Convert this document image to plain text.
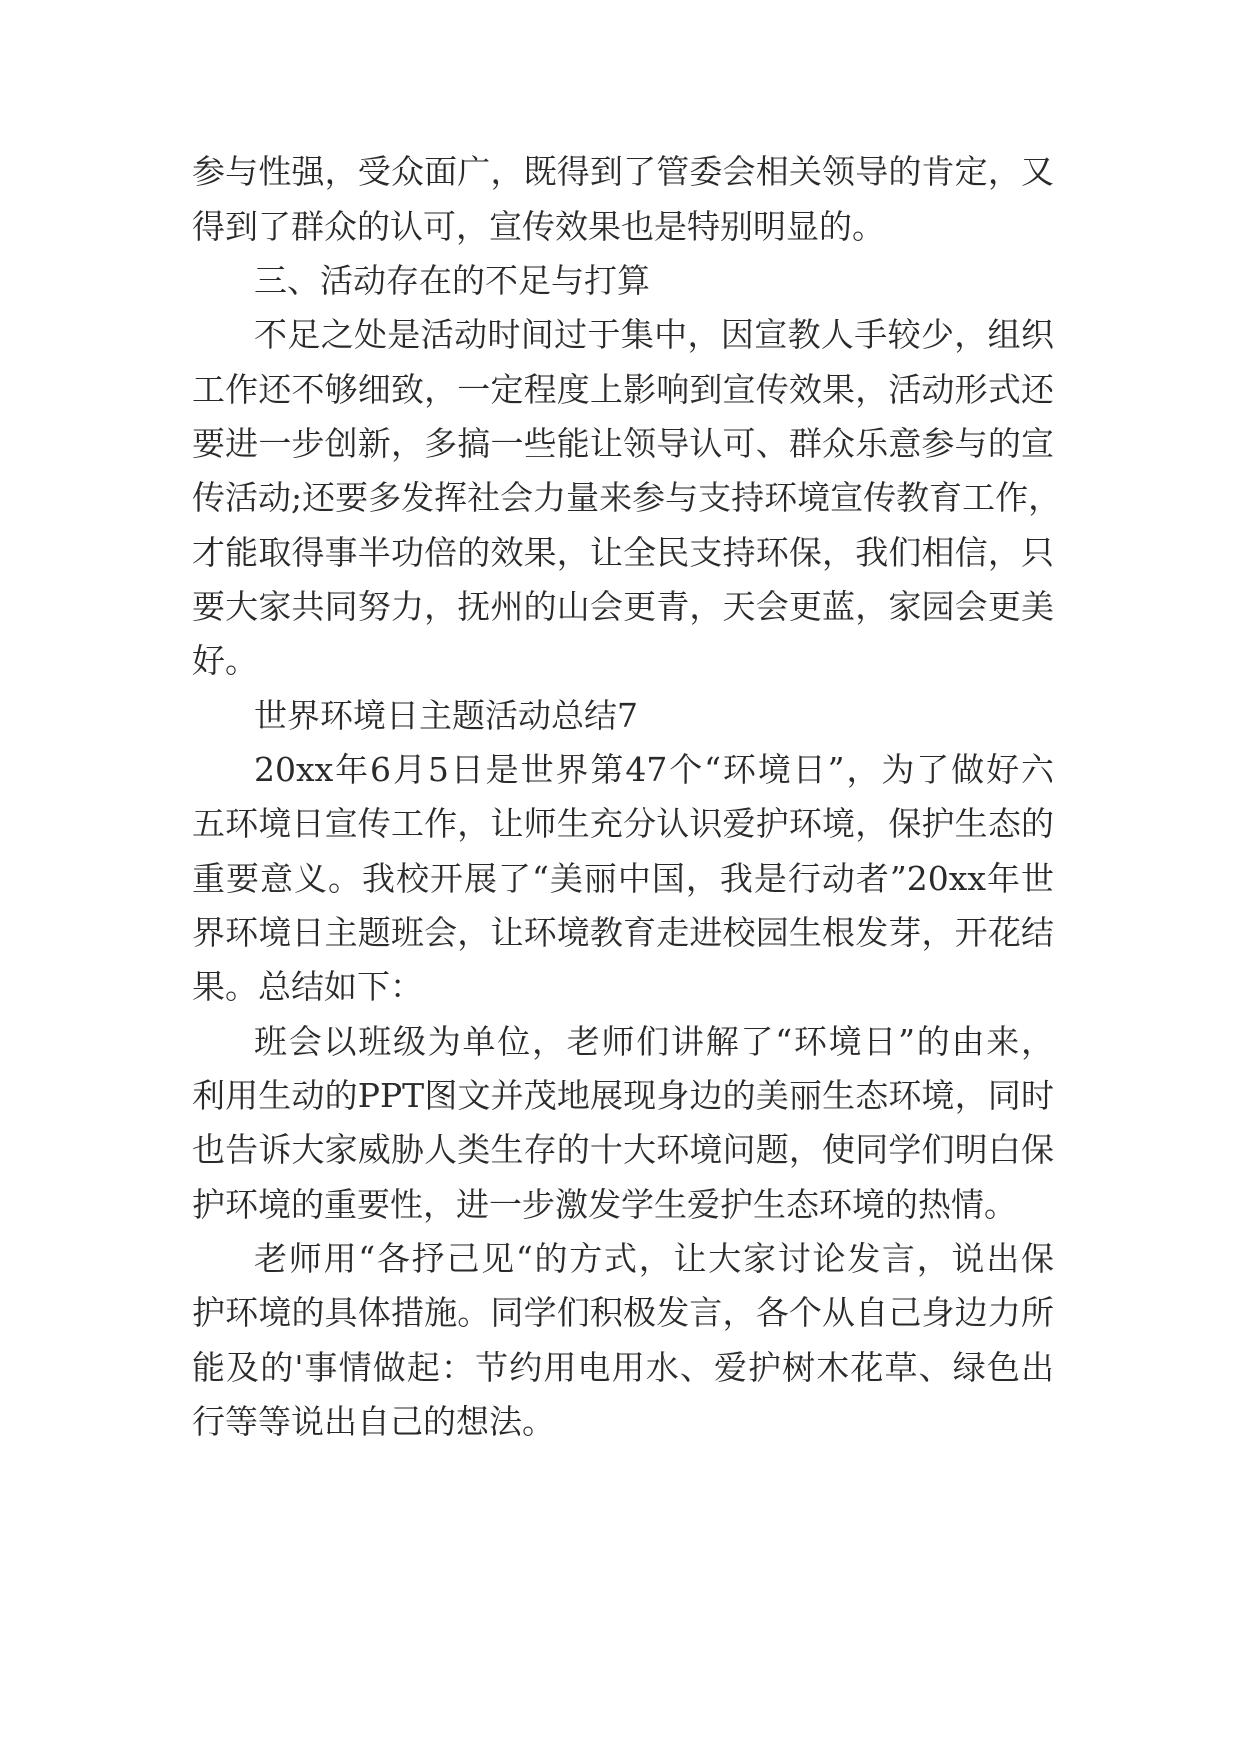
参与性强，受众面广，既得到了管委会相关领导的肯定，又

得到了群众的认可，宣传效果也是特别明显的。

三、活动存在的不足与打算

不足之处是活动时间过于集中，因宣教人手较少，组织

工作还不够细致，一定程度上影响到宣传效果，活动形式还

要进一步创新，多搞一些能让领导认可、群众乐意参与的宣

传活动;还要多发挥社会力量来参与支持环境宣传教育工作，

才能取得事半功倍的效果，让全民支持环保，我们相信，只

要大家共同努力，抚州的山会更青，天会更蓝，家园会更美

好。

世界环境日主题活动总结7

20xx年6月5日是世界第47个“环境日”，为了做好六

五环境日宣传工作，让师生充分认识爱护环境，保护生态的

重要意义。我校开展了“美丽中国，我是行动者”20xx年世

界环境日主题班会，让环境教育走进校园生根发芽，开花结

果。总结如下：

班会以班级为单位，老师们讲解了“环境日”的由来，

利用生动的PPT图文并茂地展现身边的美丽生态环境，同时

也告诉大家威胁人类生存的十大环境问题，使同学们明白保

护环境的重要性，进一步激发学生爱护生态环境的热情。

老师用“各抒己见“的方式，让大家讨论发言，说出保

护环境的具体措施。同学们积极发言，各个从自己身边力所

能及的'事情做起：节约用电用水、爱护树木花草、绿色出

行等等说出自己的想法。
